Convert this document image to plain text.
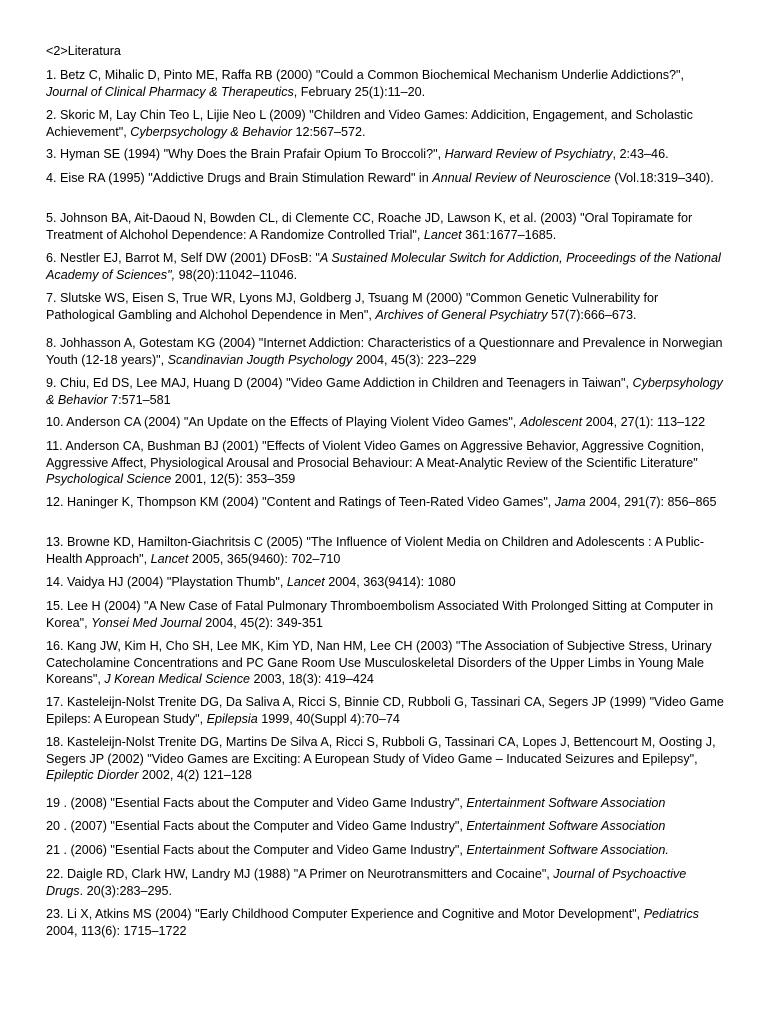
<2>Literatura
1. Betz C, Mihalic D, Pinto ME, Raffa RB (2000) "Could a Common Biochemical Mechanism Underlie Addictions?", Journal of Clinical Pharmacy & Therapeutics, February 25(1):11–20.
2. Skoric M, Lay Chin Teo L, Lijie Neo L (2009) "Children and Video Games: Addicition, Engagement, and Scholastic Achievement", Cyberpsychology & Behavior 12:567–572.
3. Hyman SE (1994) "Why Does the Brain Prafair Opium To Broccoli?", Harward Review of Psychiatry, 2:43–46.
4. Eise RA (1995) "Addictive Drugs and Brain Stimulation Reward" in Annual Review of Neuroscience (Vol.18:319–340).
5. Johnson BA, Ait-Daoud N, Bowden CL, di Clemente CC, Roache JD, Lawson K, et al. (2003) "Oral Topiramate for Treatment of Alchohol Dependence: A Randomize Controlled Trial", Lancet 361:1677–1685.
6. Nestler EJ, Barrot M, Self DW (2001) DFosB: "A Sustained Molecular Switch for Addiction, Proceedings of the National Academy of Sciences", 98(20):11042–11046.
7. Slutske WS, Eisen S, True WR, Lyons MJ, Goldberg J, Tsuang M (2000) "Common Genetic Vulnerability for Pathological Gambling and Alchohol Dependence in Men", Archives of General Psychiatry 57(7):666–673.
8. Johhasson A, Gotestam KG (2004) "Internet Addiction: Characteristics of a Questionnare and Prevalence in Norwegian Youth (12-18 years)", Scandinavian Jougth Psychology 2004, 45(3): 223–229
9. Chiu, Ed DS, Lee MAJ, Huang D (2004) "Video Game Addiction in Children and Teenagers in Taiwan", Cyberpsyhology & Behavior 7:571–581
10. Anderson CA (2004) "An Update on the Effects of Playing Violent Video Games", Adolescent 2004, 27(1): 113–122
11. Anderson CA, Bushman BJ (2001) "Effects of Violent Video Games on Aggressive Behavior, Aggressive Cognition, Aggressive Affect, Physiological Arousal and Prosocial Behaviour: A Meat-Analytic Review of the Scientific Literature" Psychological Science 2001, 12(5): 353–359
12. Haninger K, Thompson KM (2004) "Content and Ratings of Teen-Rated Video Games", Jama 2004, 291(7): 856–865
13. Browne KD, Hamilton-Giachritsis C (2005) "The Influence of Violent Media on Children and Adolescents : A Public-Health Approach", Lancet 2005, 365(9460): 702–710
14. Vaidya HJ (2004) "Playstation Thumb", Lancet 2004, 363(9414): 1080
15. Lee H (2004) "A New Case of Fatal Pulmonary Thromboembolism Associated With Prolonged Sitting at Computer in Korea", Yonsei Med Journal 2004, 45(2): 349-351
16. Kang JW, Kim H, Cho SH, Lee MK, Kim YD, Nan HM, Lee CH (2003) "The Association of Subjective Stress, Urinary Catecholamine Concentrations and PC Gane Room Use Musculoskeletal Disorders of the Upper Limbs in Young Male Koreans", J Korean Medical Science 2003, 18(3): 419–424
17. Kasteleijn-Nolst Trenite DG, Da Saliva A, Ricci S, Binnie CD, Rubboli G, Tassinari CA, Segers JP (1999) "Video Game Epileps: A European Study", Epilepsia 1999, 40(Suppl 4):70–74
18. Kasteleijn-Nolst Trenite DG, Martins De Silva A, Ricci S, Rubboli G, Tassinari CA, Lopes J, Bettencourt M, Oosting J, Segers JP (2002) "Video Games are Exciting: A European Study of Video Game – Inducated Seizures and Epilepsy", Epileptic Diorder 2002, 4(2) 121–128
19 . (2008) "Esential Facts about the Computer and Video Game Industry", Entertainment Software Association
20 . (2007) "Esential Facts about the Computer and Video Game Industry", Entertainment Software Association
21 . (2006) "Esential Facts about the Computer and Video Game Industry", Entertainment Software Association.
22. Daigle RD, Clark HW, Landry MJ (1988) "A Primer on Neurotransmitters and Cocaine", Journal of Psychoactive Drugs. 20(3):283–295.
23. Li X, Atkins MS (2004) "Early Childhood Computer Experience and Cognitive and Motor Development", Pediatrics 2004, 113(6): 1715–1722
